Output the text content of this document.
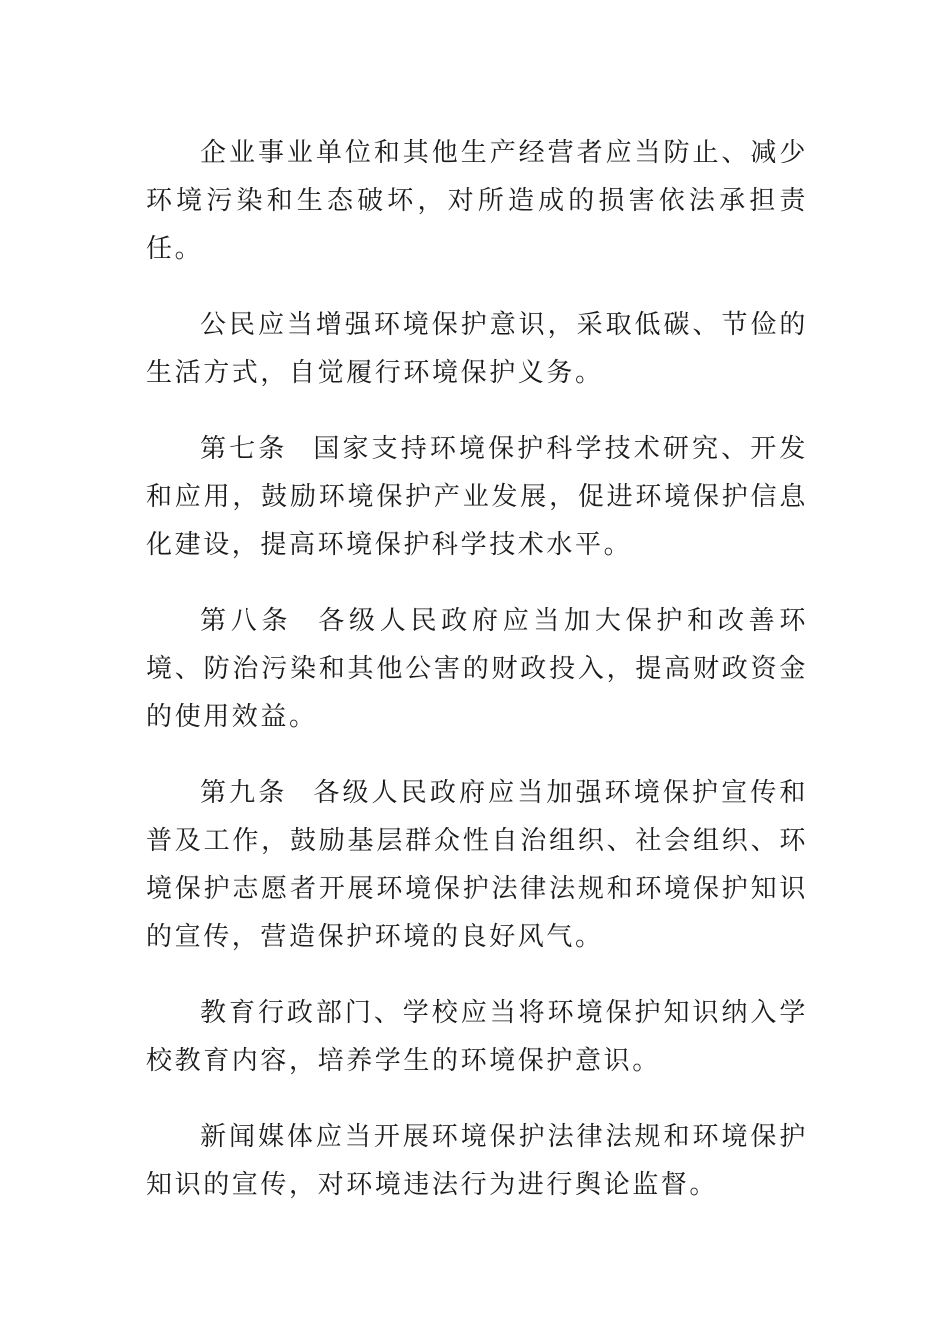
企业事业单位和其他生产经营者应当防止、减少环境污染和生态破坏，对所造成的损害依法承担责任。

公民应当增强环境保护意识，采取低碳、节俭的生活方式，自觉履行环境保护义务。

第七条 国家支持环境保护科学技术研究、开发和应用，鼓励环境保护产业发展，促进环境保护信息化建设，提高环境保护科学技术水平。

第八条 各级人民政府应当加大保护和改善环境、防治污染和其他公害的财政投入，提高财政资金的使用效益。

第九条 各级人民政府应当加强环境保护宣传和普及工作，鼓励基层群众性自治组织、社会组织、环境保护志愿者开展环境保护法律法规和环境保护知识的宣传，营造保护环境的良好风气。

教育行政部门、学校应当将环境保护知识纳入学校教育内容，培养学生的环境保护意识。

新闻媒体应当开展环境保护法律法规和环境保护知识的宣传，对环境违法行为进行舆论监督。
